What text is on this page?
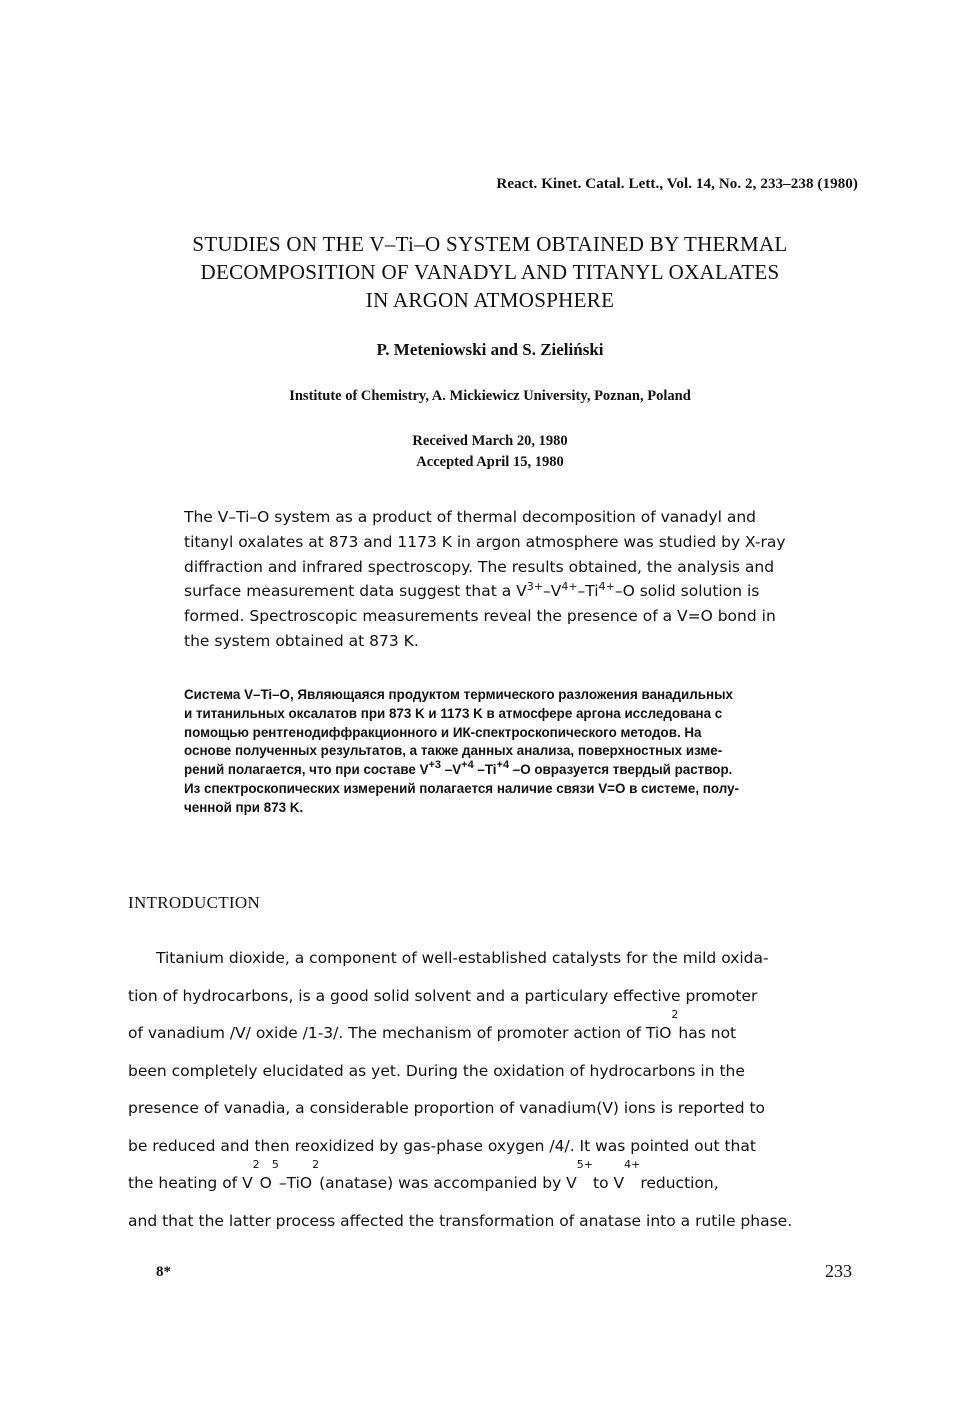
React. Kinet. Catal. Lett., Vol. 14, No. 2, 233–238 (1980)
STUDIES ON THE V–Ti–O SYSTEM OBTAINED BY THERMAL
DECOMPOSITION OF VANADYL AND TITANYL OXALATES
IN ARGON ATMOSPHERE
P. Meteniowski and S. Zieliński
Institute of Chemistry, A. Mickiewicz University, Poznan, Poland
Received March 20, 1980
Accepted April 15, 1980
The V–Ti–O system as a product of thermal decomposition of vanadyl and
titanyl oxalates at 873 and 1173 K in argon atmosphere was studied by X-ray
diffraction and infrared spectroscopy. The results obtained, the analysis and
surface measurement data suggest that a $V^{3+}-V^{4+}-Ti^{4+}-O$ solid solution is
formed. Spectroscopic measurements reveal the presence of a V=O bond in
the system obtained at 873 K.
Система V–Ti–O, Являющаяся продуктом термического разложения ванадильных
и титанильных оксалатов при 873 K и 1173 K в атмосфере аргона исследована с
помощью рентгенодиффракционного и ИК-спектроскопического методов. На
основе полученных результатов, а также данных анализа, поверхностных изме-
рений полагается, что при составе $V^{+3}$ $-V^{+4}$ $-Ti^{+4}$ –O овразуется твердый раствор.
Из спектроскопических измерений полагается наличие связи V=O в системе, полу-
ченной при 873 K.
INTRODUCTION
Titanium dioxide, a component of well-established catalysts for the mild oxida-
tion of hydrocarbons, is a good solid solvent and a particulary effective promoter
of vanadium /V/ oxide /1-3/. The mechanism of promoter action of TiO
2
has not
been completely elucidated as yet. During the oxidation of hydrocarbons in the
presence of vanadia, a considerable proportion of vanadium(V) ions is reported to
be reduced and then reoxidized by gas-phase oxygen /4/. It was pointed out that
the heating of V
2
O
5
–TiO
2
(anatase) was accompanied by V
5+
to V
4+
reduction,
and that the latter process affected the transformation of anatase into a rutile phase.
8*	233
